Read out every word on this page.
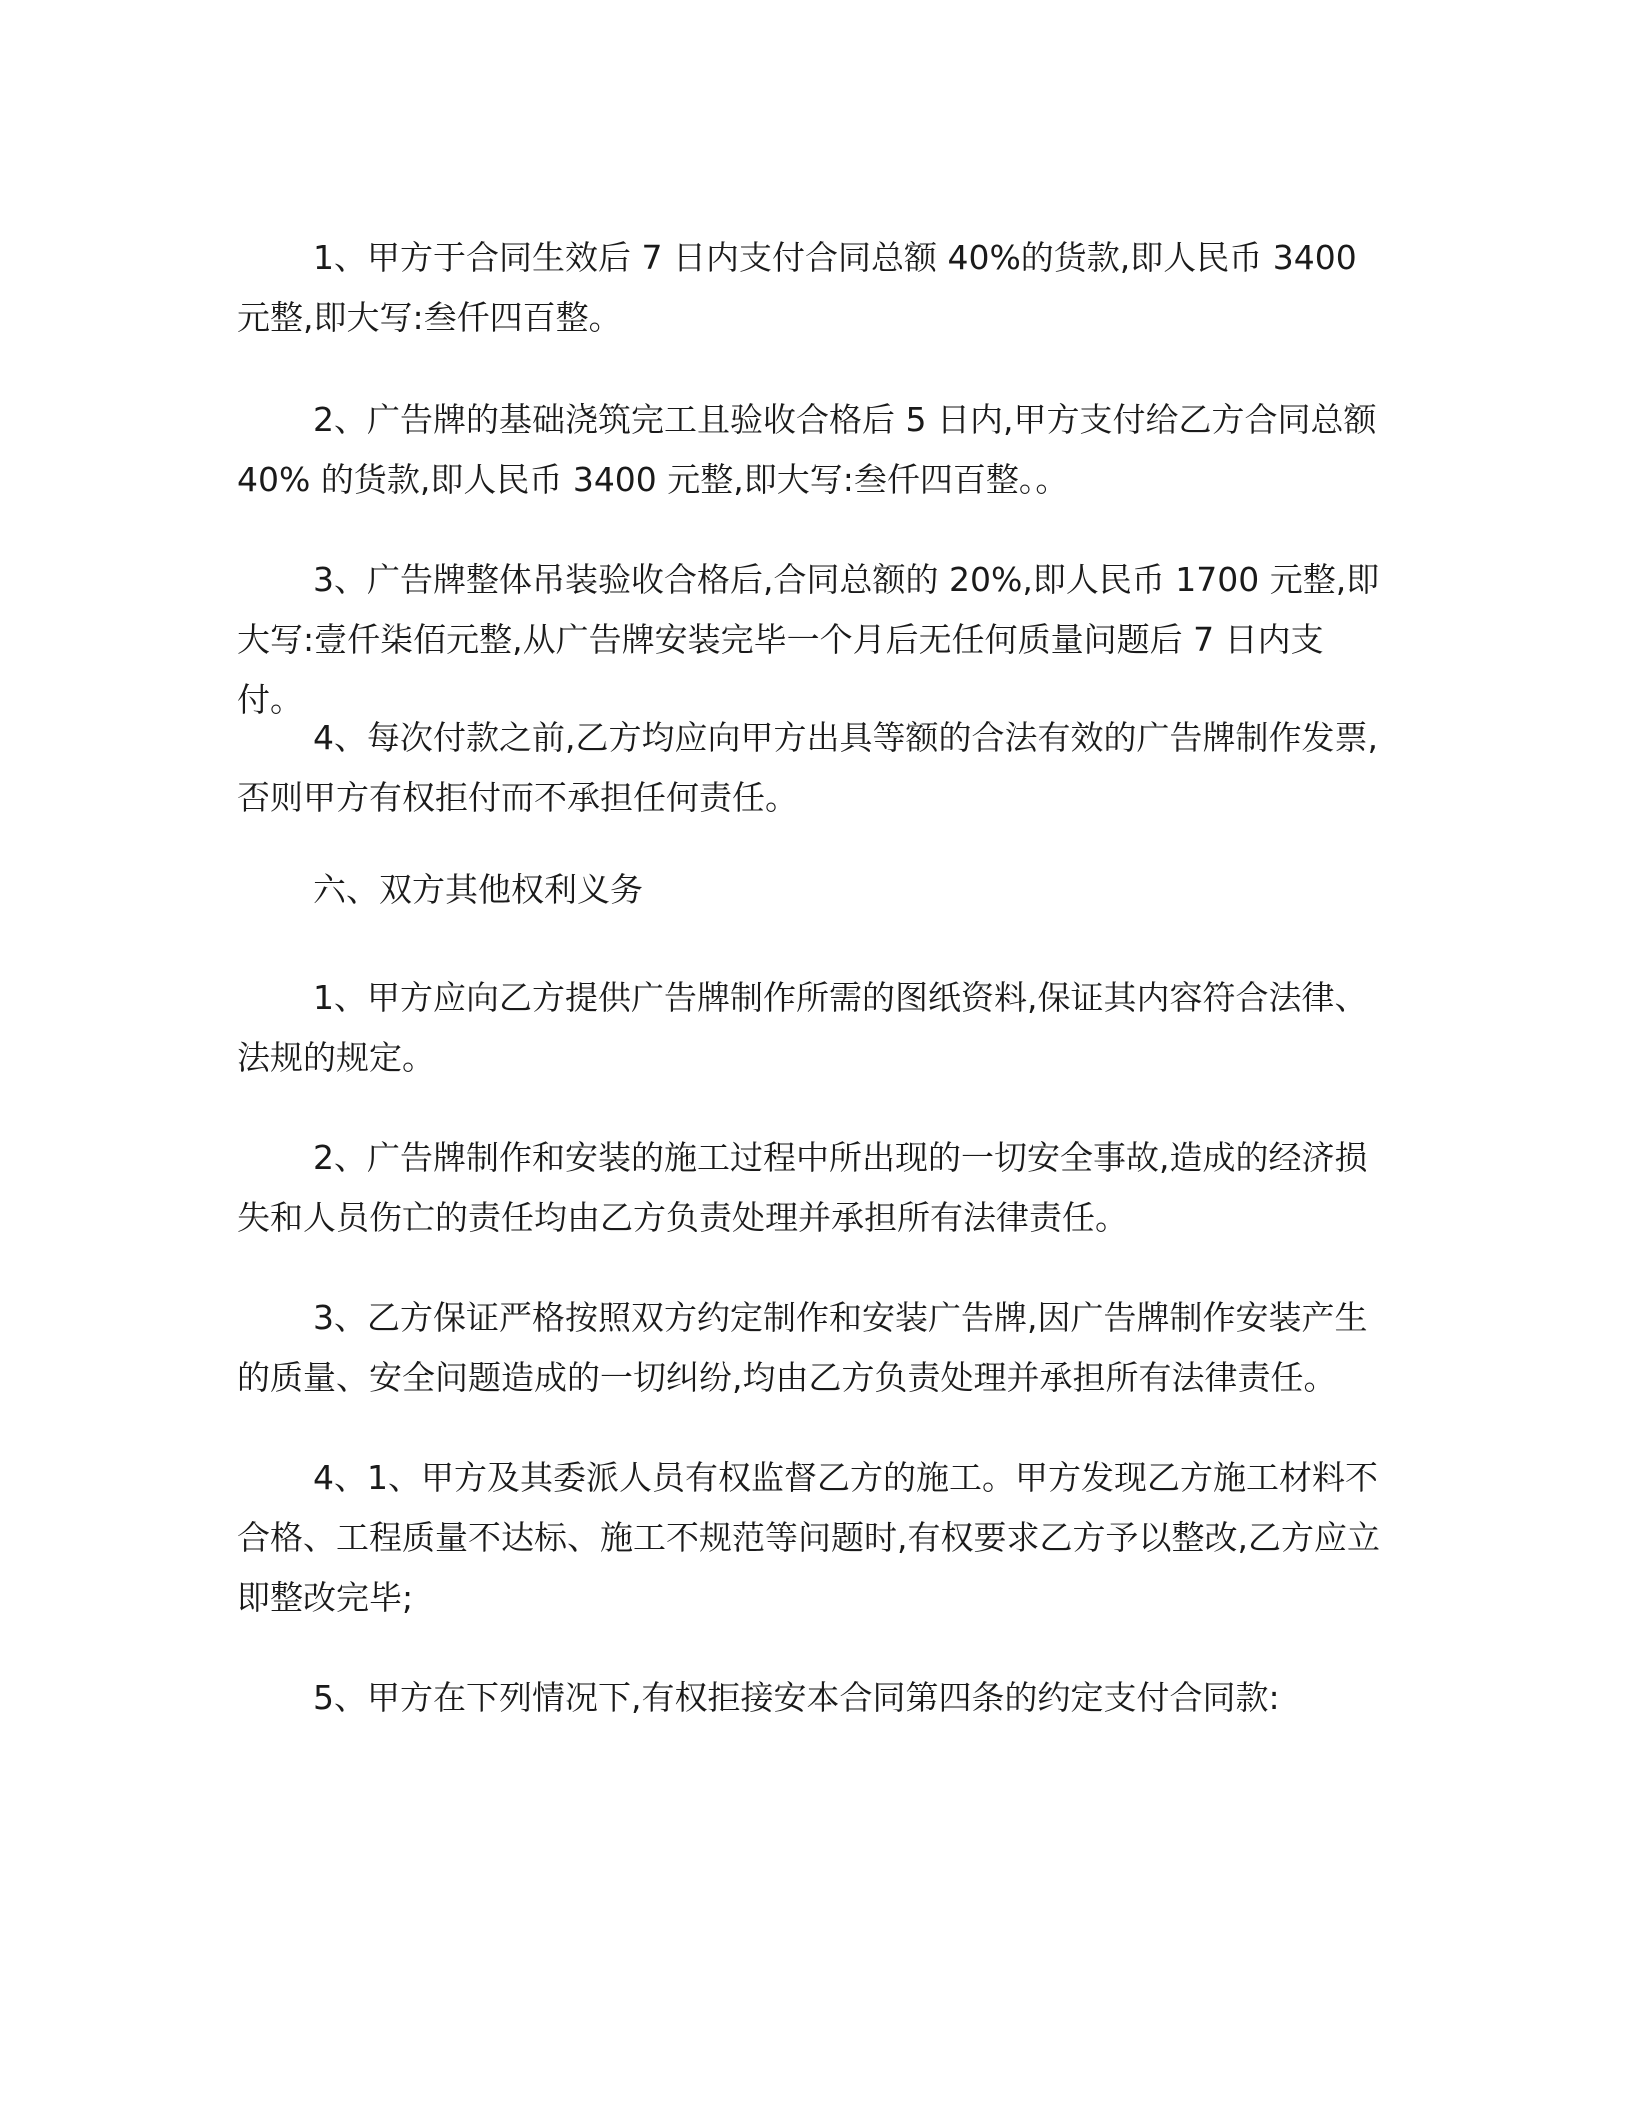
1、甲方于合同生效后 7 日内支付合同总额 40%的货款,即人民币 3400 元整,即大写:叁仟四百整。

2、广告牌的基础浇筑完工且验收合格后 5 日内,甲方支付给乙方合同总额 40% 的货款,即人民币 3400 元整,即大写:叁仟四百整。。

3、广告牌整体吊装验收合格后,合同总额的 20%,即人民币 1700 元整,即大写:壹仟柒佰元整,从广告牌安装完毕一个月后无任何质量问题后 7 日内支付。

4、每次付款之前,乙方均应向甲方出具等额的合法有效的广告牌制作发票,否则甲方有权拒付而不承担任何责任。

六、双方其他权利义务

1、甲方应向乙方提供广告牌制作所需的图纸资料,保证其内容符合法律、法规的规定。

2、广告牌制作和安装的施工过程中所出现的一切安全事故,造成的经济损失和人员伤亡的责任均由乙方负责处理并承担所有法律责任。

3、乙方保证严格按照双方约定制作和安装广告牌,因广告牌制作安装产生的质量、安全问题造成的一切纠纷,均由乙方负责处理并承担所有法律责任。

4、1、甲方及其委派人员有权监督乙方的施工。甲方发现乙方施工材料不合格、工程质量不达标、施工不规范等问题时,有权要求乙方予以整改,乙方应立即整改完毕;

5、甲方在下列情况下,有权拒接安本合同第四条的约定支付合同款:
